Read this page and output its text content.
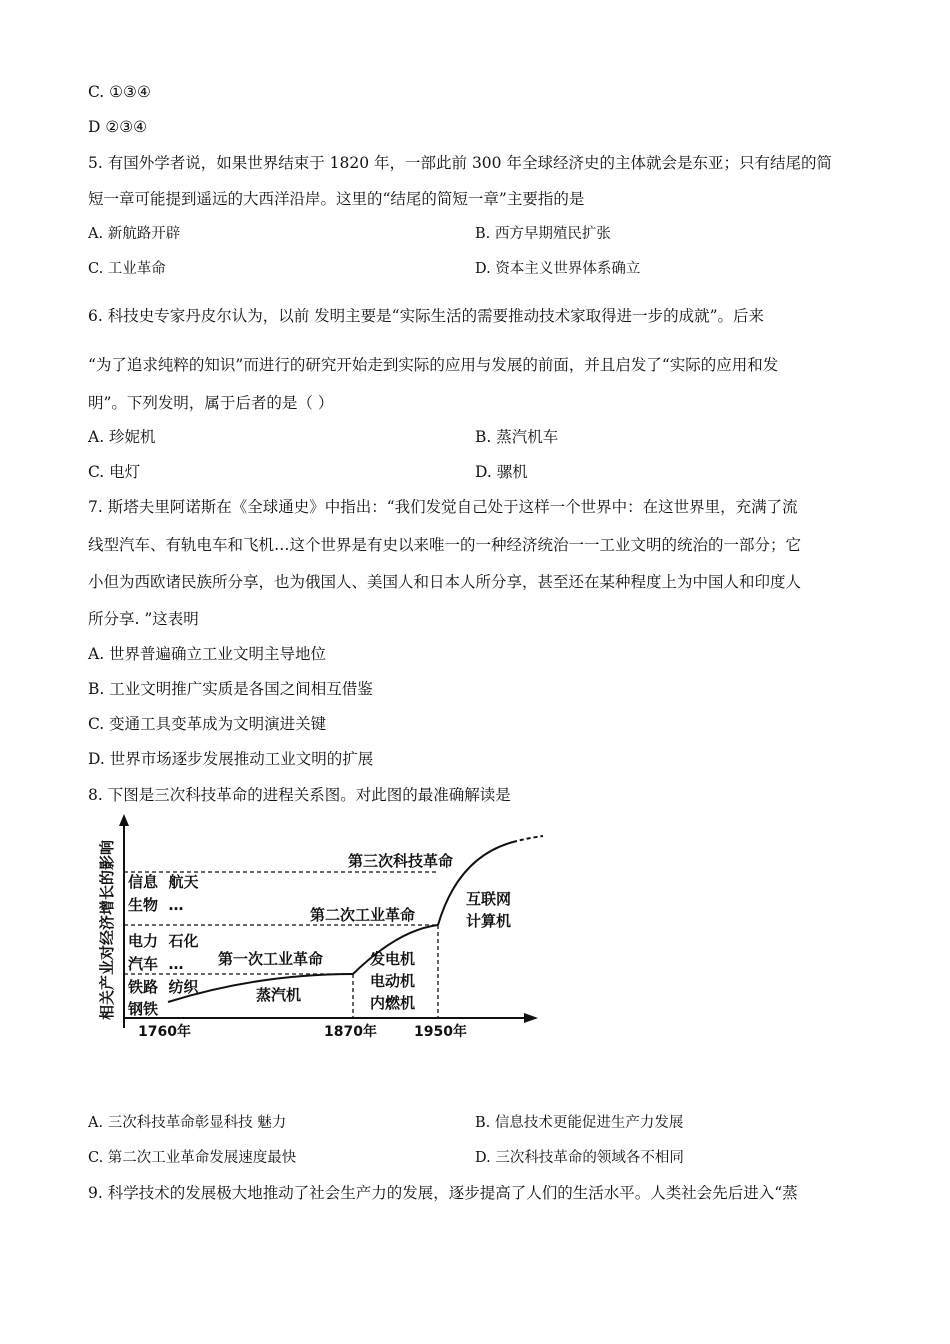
C. ①③④
D ②③④
5. 有国外学者说，如果世界结束于 1820 年，一部此前 300 年全球经济史的主体就会是东亚；只有结尾的简
短一章可能提到遥远的大西洋沿岸。这里的“结尾的简短一章”主要指的是
A. 新航路开辟	B. 西方早期殖民扩张
C. 工业革命	D. 资本主义世界体系确立
6. 科技史专家丹皮尔认为，以前 发明主要是“实际生活的需要推动技术家取得进一步的成就”。后来
“为了追求纯粹的知识”而进行的研究开始走到实际的应用与发展的前面，并且启发了“实际的应用和发
明”。下列发明，属于后者的是（ ）
A. 珍妮机	B. 蒸汽机车
C. 电灯	D. 骡机
7. 斯塔夫里阿诺斯在《全球通史》中指出：“我们发觉自己处于这样一个世界中：在这世界里，充满了流
线型汽车、有轨电车和飞机…这个世界是有史以来唯一的一种经济统治一一工业文明的统治的一部分；它
小但为西欧诸民族所分享，也为俄国人、美国人和日本人所分享，甚至还在某种程度上为中国人和印度人
所分享. ”这表明
A. 世界普遍确立工业文明主导地位
B. 工业文明推广实质是各国之间相互借鉴
C. 变通工具变革成为文明演进关键
D. 世界市场逐步发展推动工业文明的扩展
8. 下图是三次科技革命的进程关系图。对此图的最准确解读是
相关产业对经济增长的影响 钢铁
铁路  纺织
电力  石化
汽车  …
信息  航天
生物  …
第一次工业革命
第二次工业革命
第三次科技革命
蒸汽机
发电机
电动机
内燃机
互联网
计算机
1760年	1870年	1950年
A. 三次科技革命彰显科技 魅力	B. 信息技术更能促进生产力发展
C. 第二次工业革命发展速度最快	D. 三次科技革命的领域各不相同
9. 科学技术的发展极大地推动了社会生产力的发展，逐步提高了人们的生活水平。人类社会先后进入“蒸
